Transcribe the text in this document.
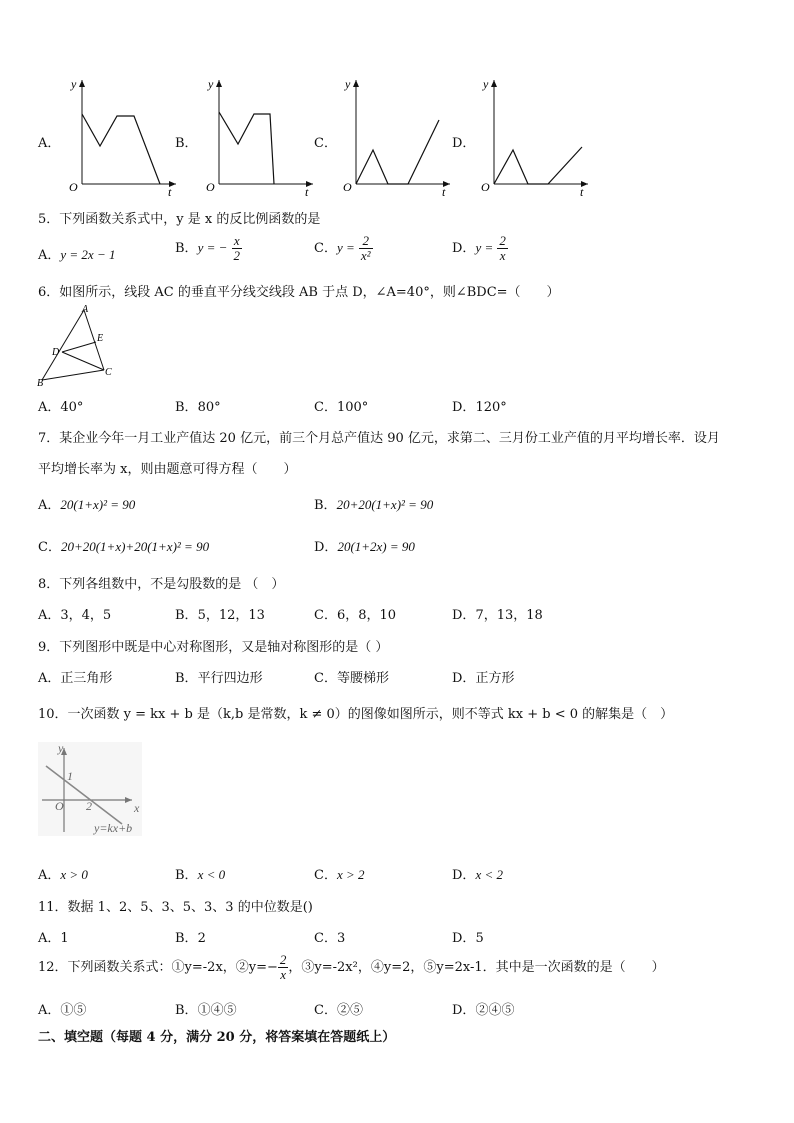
A．
y
O	t
B．
y
O	t
C．
y
O	t
D．
y
O	t
5．下列函数关系式中，y 是 x 的反比例函数的是
A．y = 2x − 1	B．y = − $\frac{x}{2}$	C．$y = \frac{2}{\text{x²}}$	D．$y = \frac{2}{x}$
6．如图所示，线段 AC 的垂直平分线交线段 AB 于点 D，∠A=40°，则∠BDC=（　　）
A
D
E
B
C
A．40°	B．80°	C．100°	D．120°
7．某企业今年一月工业产值达 20 亿元，前三个月总产值达 90 亿元，求第二、三月份工业产值的月平均增长率．设月
平均增长率为 x，则由题意可得方程（　　）
A．20(1+x)² = 90	B．20+20(1+x)² = 90
C．20+20(1+x)+20(1+x)² = 90	D．20(1+2x) = 90
8．下列各组数中，不是勾股数的是 （　）
A．3，4，5	B．5，12，13	C．6，8，10	D．7，13，18
9．下列图形中既是中心对称图形，又是轴对称图形的是（ ）
A．正三角形	B．平行四边形	C．等腰梯形	D．正方形
10．一次函数 y = kx + b 是（k,b 是常数，k ≠ 0）的图像如图所示，则不等式 kx + b < 0 的解集是（　）
y
1
O 2	x
y=kx+b
A．x > 0	B．x < 0	C．x > 2	D．x < 2
11．数据 1、2、5、3、5、3、3 的中位数是()
A．1	B．2	C．3	D．5
12．下列函数关系式：①y=-2x，②y=− $\frac{2}{x}$ ，③y=-2x²，④y=2，⑤y=2x-1．其中是一次函数的是（　　）
A．①⑤	B．①④⑤	C．②⑤	D．②④⑤
二、填空题（每题 4 分，满分 20 分，将答案填在答题纸上）
